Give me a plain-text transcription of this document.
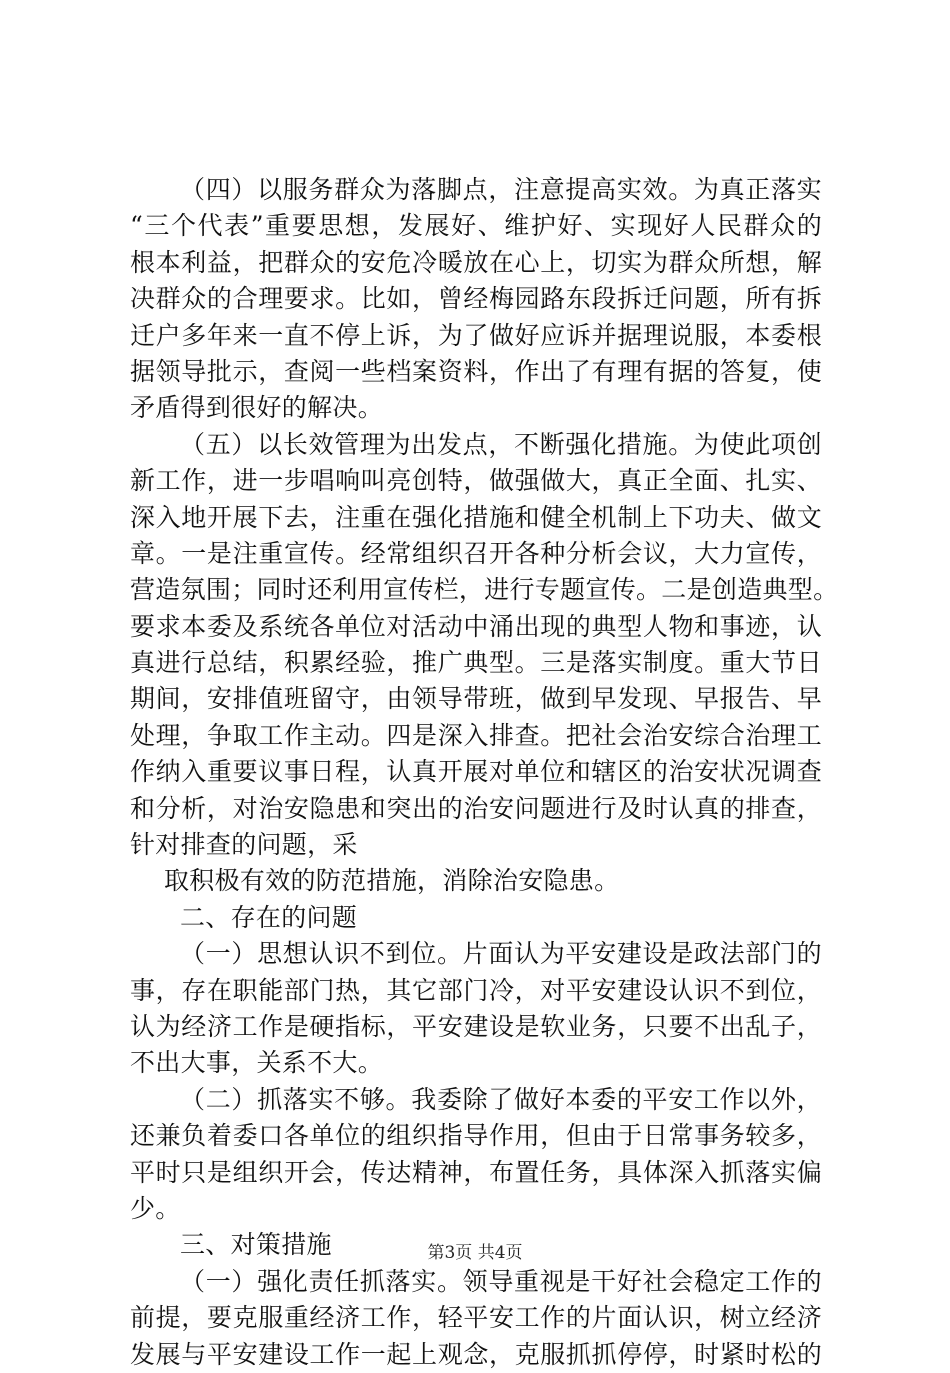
（四）以服务群众为落脚点，注意提高实效。为真正落实
“三个代表”重要思想，发展好、维护好、实现好人民群众的
根本利益，把群众的安危冷暖放在心上，切实为群众所想，解
决群众的合理要求。比如，曾经梅园路东段拆迁问题，所有拆
迁户多年来一直不停上诉，为了做好应诉并据理说服，本委根
据领导批示，查阅一些档案资料，作出了有理有据的答复，使
矛盾得到很好的解决。
（五）以长效管理为出发点，不断强化措施。为使此项创
新工作，进一步唱响叫亮创特，做强做大，真正全面、扎实、
深入地开展下去，注重在强化措施和健全机制上下功夫、做文
章。一是注重宣传。经常组织召开各种分析会议，大力宣传，
营造氛围；同时还利用宣传栏，进行专题宣传。二是创造典型。
要求本委及系统各单位对活动中涌出现的典型人物和事迹，认
真进行总结，积累经验，推广典型。三是落实制度。重大节日
期间，安排值班留守，由领导带班，做到早发现、早报告、早
处理，争取工作主动。四是深入排查。把社会治安综合治理工
作纳入重要议事日程，认真开展对单位和辖区的治安状况调查
和分析，对治安隐患和突出的治安问题进行及时认真的排查，
针对排查的问题，采
取积极有效的防范措施，消除治安隐患。
二、存在的问题
（一）思想认识不到位。片面认为平安建设是政法部门的
事，存在职能部门热，其它部门冷，对平安建设认识不到位，
认为经济工作是硬指标，平安建设是软业务，只要不出乱子，
不出大事，关系不大。
（二）抓落实不够。我委除了做好本委的平安工作以外，
还兼负着委口各单位的组织指导作用，但由于日常事务较多，
平时只是组织开会，传达精神，布置任务，具体深入抓落实偏
少。
三、对策措施
（一）强化责任抓落实。领导重视是干好社会稳定工作的
前提，要克服重经济工作，轻平安工作的片面认识，树立经济
发展与平安建设工作一起上观念，克服抓抓停停，时紧时松的
第3页 共4页
